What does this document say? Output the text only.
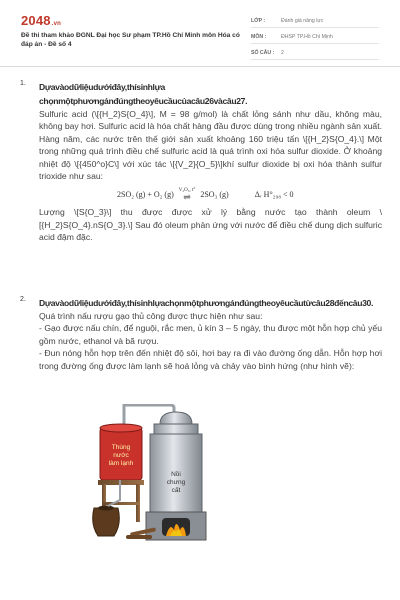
2048.vn
Đề thi tham khảo ĐGNL Đại học Sư phạm TP.Hồ Chí Minh môn Hóa có đáp án - Đề số 4
LỚP :	Đánh giá năng lực
MÔN :	ĐHSP TP.Hồ Chí Minh
SỐ CÂU :	2
1. Dựavàodữliệudướiđây,thísinhlựa
chọnmộtphươngánđúngtheoyêucầucủacâu26vàcâu27.
Sulfuric acid (\[{H_2}S{O_4}\], M = 98 g/mol) là chất lỏng sánh như dầu, không màu, không bay hơi. Sulfuric acid là hóa chất hàng đầu được dùng trong nhiều ngành sản xuất. Hàng năm, các nước trên thế giới sản xuất khoảng 160 triệu tấn \[{H_2}S{O_4}.\] Một trong những quá trình điều chế sulfuric acid là quá trình oxi hóa sulfur dioxide. Ở khoảng nhiệt độ \[{450^o}C\] với xúc tác \[{V_2}{O_5}\]khí sulfur dioxide bị oxi hóa thành sulfur trioxide như sau:
2SO₂ (g) + O₂ (g) V₂O₅, t°
⇌	2SO₃ (g)	Δᵣ H°₂₉₈ < 0
Lượng \[S{O_3}\] thu được được xử lý bằng nước tạo thành oleum \[{H_2}S{O_4}.nS{O_3}.\] Sau đó oleum phản ứng với nước để điều chế dung dịch sulfuric acid đậm đặc.
2. Dựavàodữliệudướiđây,thísinhlựachọnmộtphươngánđúngtheoyêucầutừcâu28đếncâu30.
Quá trình nấu rượu gạo thủ công được thực hiện như sau:
- Gạo được nấu chín, để nguội, rắc men, ủ kín 3 – 5 ngày, thu được một hỗn hợp chủ yếu gồm nước, ethanol và bã rượu.
- Đun nóng hỗn hợp trên đến nhiệt độ sôi, hơi bay ra đi vào đường ống dẫn. Hỗn hợp hơi trong đường ống được làm lạnh sẽ hoá lỏng và chảy vào bình hứng (như hình vẽ):
Thùng
nước
làm lạnh
Nồi
chưng
cất
